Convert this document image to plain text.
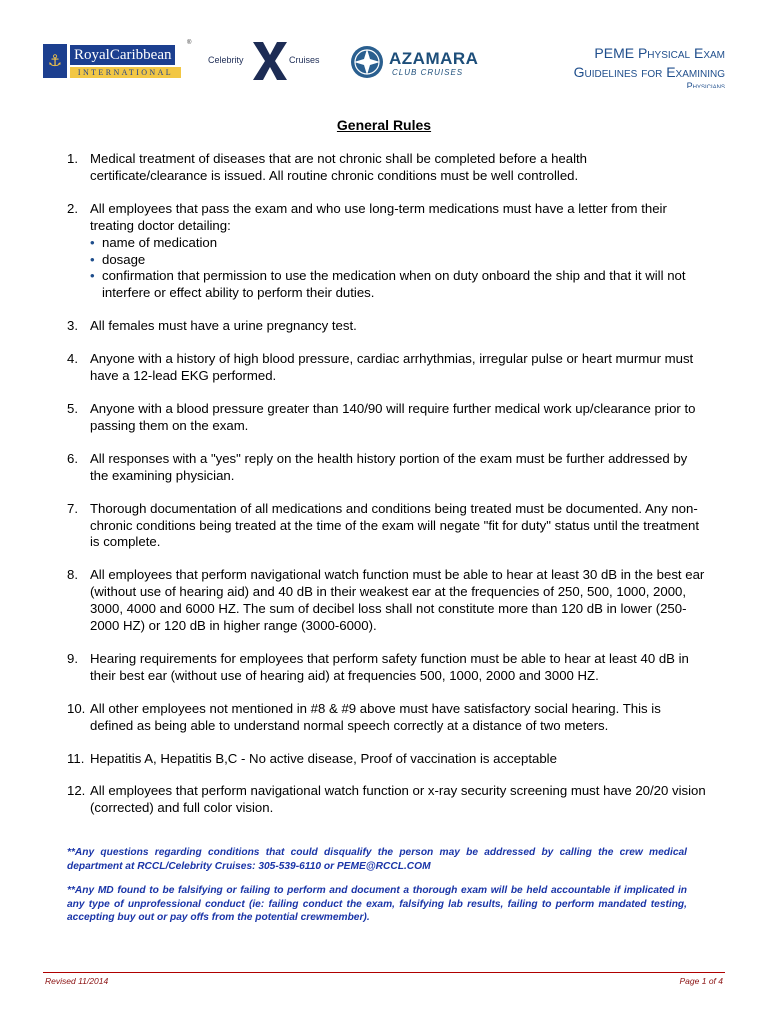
⚓ RoyalCaribbean
INTERNATIONAL
®
Celebrity	Cruises	AZAMARA
CLUB CRUISES
PEME Physical Exam
Guidelines for Examining
Physicians
General Rules
1. Medical treatment of diseases that are not chronic shall be completed before a health certificate/clearance is issued. All routine chronic conditions must be well controlled.
2. All employees that pass the exam and who use long-term medications must have a letter from their treating doctor detailing:
• name of medication
• dosage
• confirmation that permission to use the medication when on duty onboard the ship and that it will not interfere or effect ability to perform their duties.
3. All females must have a urine pregnancy test.
4. Anyone with a history of high blood pressure, cardiac arrhythmias, irregular pulse or heart murmur must have a 12-lead EKG performed.
5. Anyone with a blood pressure greater than 140/90 will require further medical work up/clearance prior to passing them on the exam.
6. All responses with a "yes" reply on the health history portion of the exam must be further addressed by the examining physician.
7. Thorough documentation of all medications and conditions being treated must be documented. Any non-chronic conditions being treated at the time of the exam will negate "fit for duty" status until the treatment is complete.
8. All employees that perform navigational watch function must be able to hear at least 30 dB in the best ear (without use of hearing aid) and 40 dB in their weakest ear at the frequencies of 250, 500, 1000, 2000, 3000, 4000 and 6000 HZ. The sum of decibel loss shall not constitute more than 120 dB in lower (250-2000 HZ) or 120 dB in higher range (3000-6000).
9. Hearing requirements for employees that perform safety function must be able to hear at least 40 dB in their best ear (without use of hearing aid) at frequencies 500, 1000, 2000 and 3000 HZ.
10. All other employees not mentioned in #8 & #9 above must have satisfactory social hearing. This is defined as being able to understand normal speech correctly at a distance of two meters.
11. Hepatitis A, Hepatitis B,C - No active disease, Proof of vaccination is acceptable
12. All employees that perform navigational watch function or x-ray security screening must have 20/20 vision (corrected) and full color vision.

**Any questions regarding conditions that could disqualify the person may be addressed by calling the crew medical department at RCCL/Celebrity Cruises: 305-539-6110 or PEME@RCCL.COM

**Any MD found to be falsifying or failing to perform and document a thorough exam will be held accountable if implicated in any type of unprofessional conduct (ie: failing conduct the exam, falsifying lab results, failing to perform mandated testing, accepting buy out or pay offs from the potential crewmember).

Revised 11/2014	Page 1 of 4
